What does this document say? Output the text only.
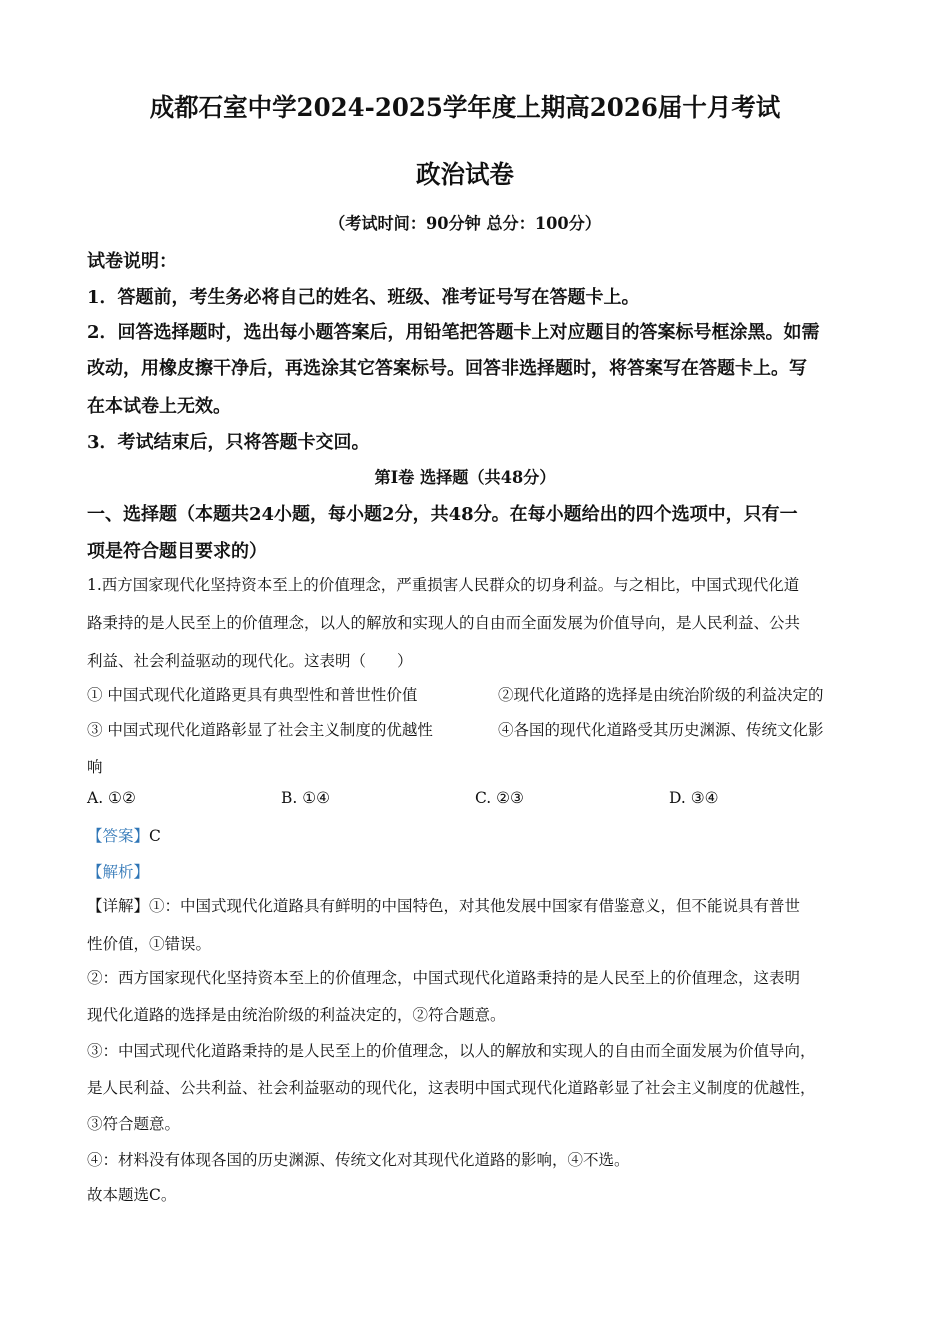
成都石室中学2024-2025学年度上期高2026届十月考试
政治试卷
（考试时间：90分钟 总分：100分）
试卷说明：
1．答题前，考生务必将自己的姓名、班级、准考证号写在答题卡上。
2．回答选择题时，选出每小题答案后，用铅笔把答题卡上对应题目的答案标号框涂黑。如需
改动，用橡皮擦干净后，再选涂其它答案标号。回答非选择题时，将答案写在答题卡上。写
在本试卷上无效。
3．考试结束后，只将答题卡交回。
第Ⅰ卷 选择题（共48分）
一、选择题（本题共24小题，每小题2分，共48分。在每小题给出的四个选项中，只有一
项是符合题目要求的）
1.西方国家现代化坚持资本至上的价值理念，严重损害人民群众的切身利益。与之相比，中国式现代化道
路秉持的是人民至上的价值理念，以人的解放和实现人的自由而全面发展为价值导向，是人民利益、公共
利益、社会利益驱动的现代化。这表明（　　）
① 中国式现代化道路更具有典型性和普世性价值	②现代化道路的选择是由统治阶级的利益决定的
③ 中国式现代化道路彰显了社会主义制度的优越性	④各国的现代化道路受其历史渊源、传统文化影
响
A. ①②	B. ①④	C. ②③	D. ③④
【答案】C
【解析】
【详解】①：中国式现代化道路具有鲜明的中国特色，对其他发展中国家有借鉴意义，但不能说具有普世
性价值，①错误。
②：西方国家现代化坚持资本至上的价值理念，中国式现代化道路秉持的是人民至上的价值理念，这表明
现代化道路的选择是由统治阶级的利益决定的，②符合题意。
③：中国式现代化道路秉持的是人民至上的价值理念，以人的解放和实现人的自由而全面发展为价值导向，
是人民利益、公共利益、社会利益驱动的现代化，这表明中国式现代化道路彰显了社会主义制度的优越性，
③符合题意。
④：材料没有体现各国的历史渊源、传统文化对其现代化道路的影响，④不选。
故本题选C。
